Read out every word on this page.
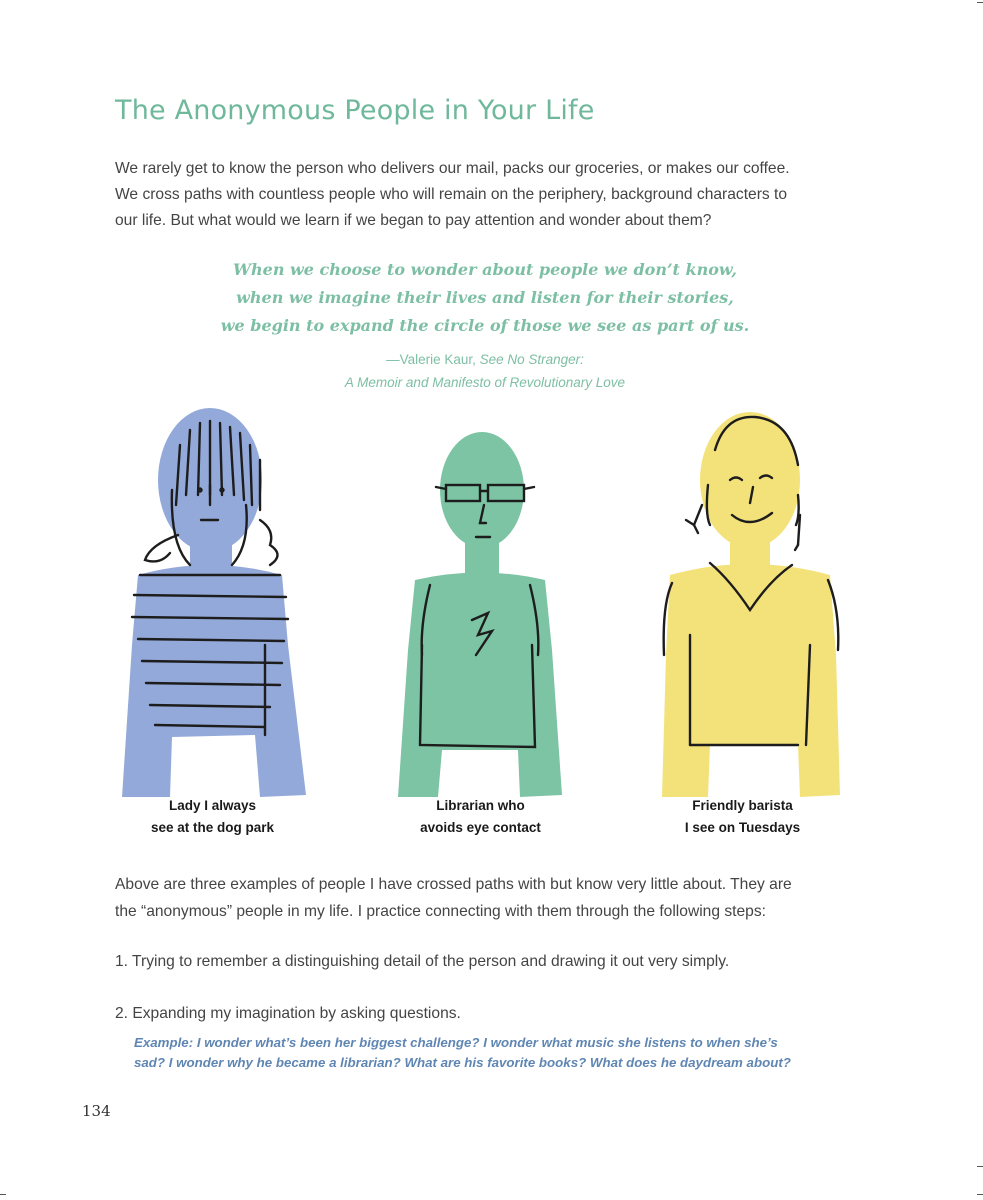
The Anonymous People in Your Life

We rarely get to know the person who delivers our mail, packs our groceries, or makes our coffee.
We cross paths with countless people who will remain on the periphery, background characters to
our life. But what would we learn if we began to pay attention and wonder about them?

When we choose to wonder about people we don’t know,
when we imagine their lives and listen for their stories,
we begin to expand the circle of those we see as part of us.
—Valerie Kaur, See No Stranger:
A Memoir and Manifesto of Revolutionary Love
Lady I always
see at the dog park
Librarian who
avoids eye contact
Friendly barista
I see on Tuesdays

Above are three examples of people I have crossed paths with but know very little about. They are
the “anonymous” people in my life. I practice connecting with them through the following steps:

1. Trying to remember a distinguishing detail of the person and drawing it out very simply.

2. Expanding my imagination by asking questions.

Example: I wonder what’s been her biggest challenge? I wonder what music she listens to when she’s
sad? I wonder why he became a librarian? What are his favorite books? What does he daydream about?

134
